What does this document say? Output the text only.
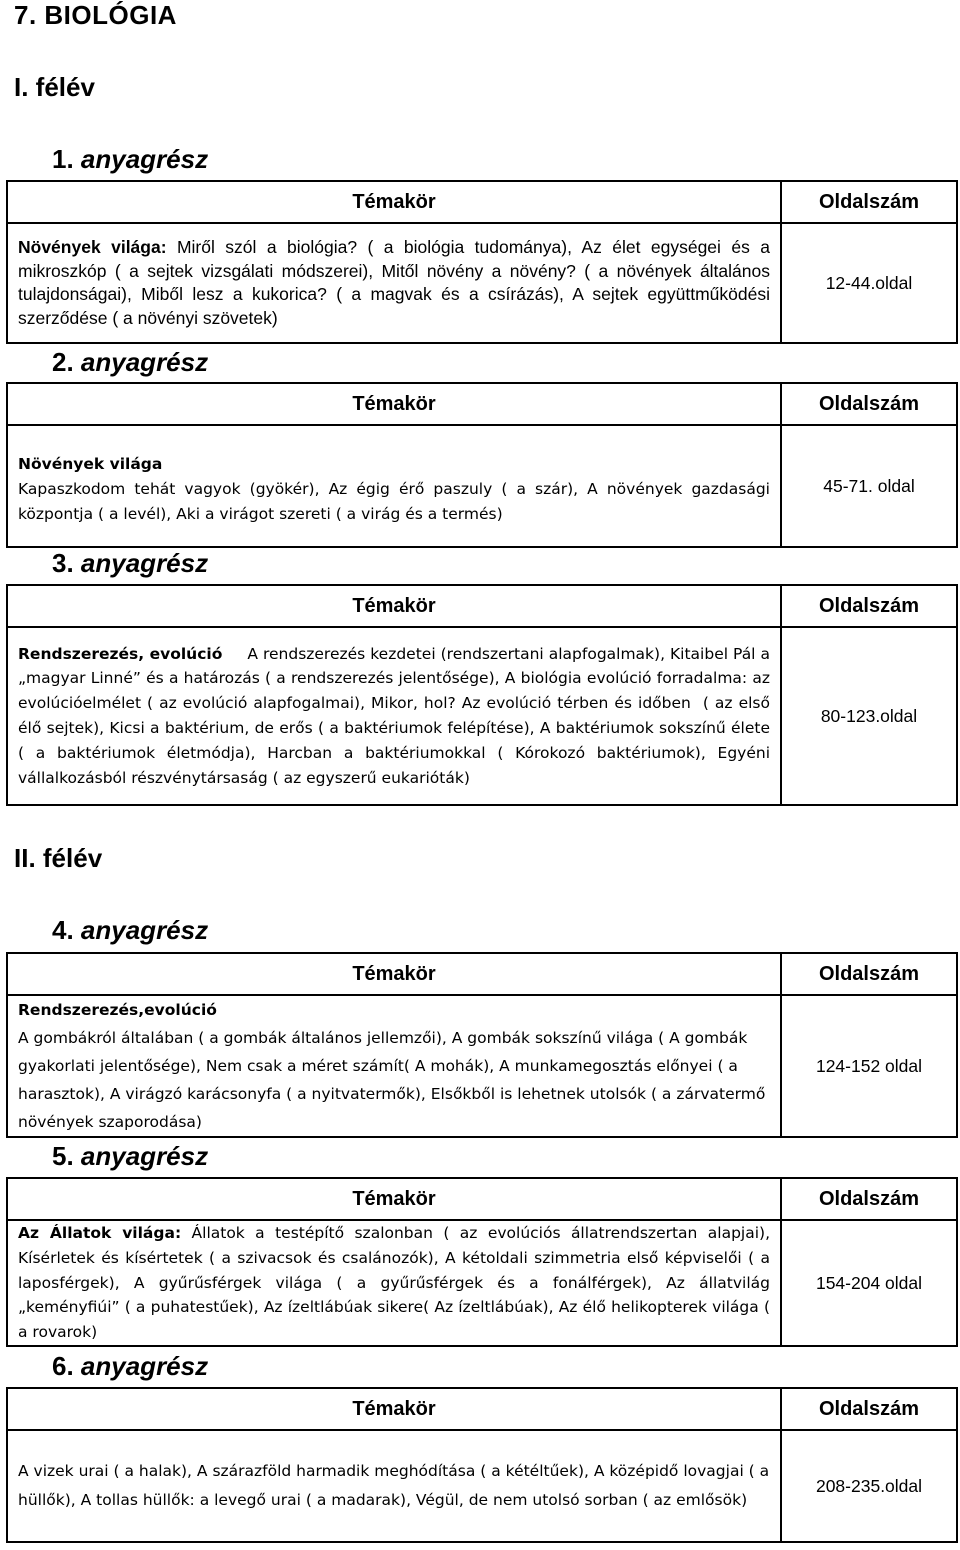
7. BIOLÓGIA
I. félév
1. anyagrész
Témakör	Oldalszám
Növények világa: Miről szól a biológia? ( a biológia tudománya), Az élet egységei és a mikroszkóp ( a sejtek vizsgálati módszerei), Mitől növény a növény? ( a növények általános tulajdonságai), Miből lesz a kukorica? ( a magvak és a csírázás), A sejtek együttműködési szerződése ( a növényi szövetek)	12-44.oldal
2. anyagrész
Témakör	Oldalszám

Növények világa
Kapaszkodom tehát vagyok (gyökér), Az égig érő paszuly ( a szár), A növények gazdasági központja ( a levél), Aki a virágot szereti ( a virág és a termés)	45-71. oldal
3. anyagrész
Témakör	Oldalszám
Rendszerezés, evolúció     A rendszerezés kezdetei (rendszertani alapfogalmak), Kitaibel Pál a „magyar Linné” és a határozás ( a rendszerezés jelentősége), A biológia evolúció forradalma: az evolúcióelmélet ( az evolúció alapfogalmai), Mikor, hol? Az evolúció térben és időben  ( az első élő sejtek), Kicsi a baktérium, de erős ( a baktériumok felépítése), A baktériumok sokszínű élete ( a baktériumok életmódja), Harcban a baktériumokkal ( Kórokozó baktériumok), Egyéni vállalkozásból részvénytársaság ( az egyszerű eukarióták)	80-123.oldal
II. félév
4. anyagrész
Témakör	Oldalszám

Rendszerezés,evolúció
A gombákról általában ( a gombák általános jellemzői), A gombák sokszínű világa ( A gombák gyakorlati jelentősége), Nem csak a méret számít( A mohák), A munkamegosztás előnyei ( a harasztok), A virágzó karácsonyfa ( a nyitvatermők), Elsőkből is lehetnek utolsók ( a zárvatermő növények szaporodása)	124-152 oldal
5. anyagrész
Témakör	Oldalszám
Az Állatok világa: Állatok a testépítő szalonban ( az evolúciós állatrendszertan alapjai), Kísérletek és kísértetek ( a szivacsok és csalánozók), A kétoldali szimmetria első képviselői ( a laposférgek), A gyűrűsférgek világa ( a gyűrűsférgek és a fonálférgek), Az állatvilág „keményfiúi” ( a puhatestűek), Az ízeltlábúak sikere( Az ízeltlábúak), Az élő helikopterek világa ( a rovarok)	154-204 oldal
6. anyagrész
Témakör	Oldalszám
A vizek urai ( a halak), A szárazföld harmadik meghódítása ( a kétéltűek), A középidő lovagjai ( a hüllők), A tollas hüllők: a levegő urai ( a madarak), Végül, de nem utolsó sorban ( az emlősök)	208-235.oldal
